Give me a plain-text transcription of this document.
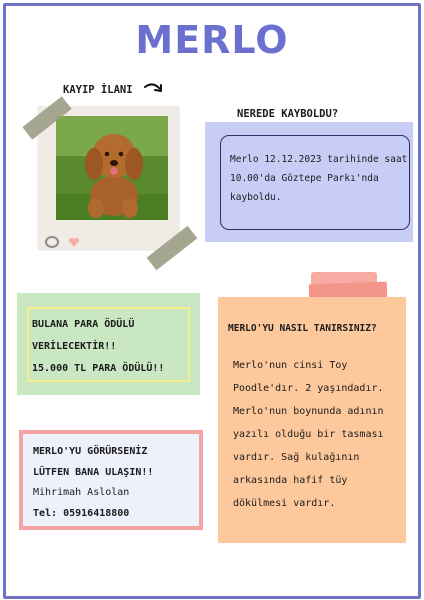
MERLO
KAYIP İLANI
NEREDE KAYBOLDU?
Merlo 12.12.2023 tarihinde saat
10.00'da Göztepe Parkı'nda
kayboldu.
BULANA PARA ÖDÜLÜ
VERİLECEKTİR!!
15.000 TL PARA ÖDÜLÜ!!
MERLO'YU NASIL TANIRSINIZ?
Merlo'nun cinsi Toy
Poodle'dır. 2 yaşındadır.
Merlo'nun boynunda adının
yazılı olduğu bir tasması
vardır. Sağ kulağının
arkasında hafif tüy
dökülmesi vardır.
MERLO'YU GÖRÜRSENİZ
LÜTFEN BANA ULAŞIN!!
Mihrimah Aslolan
Tel: 05916418800
